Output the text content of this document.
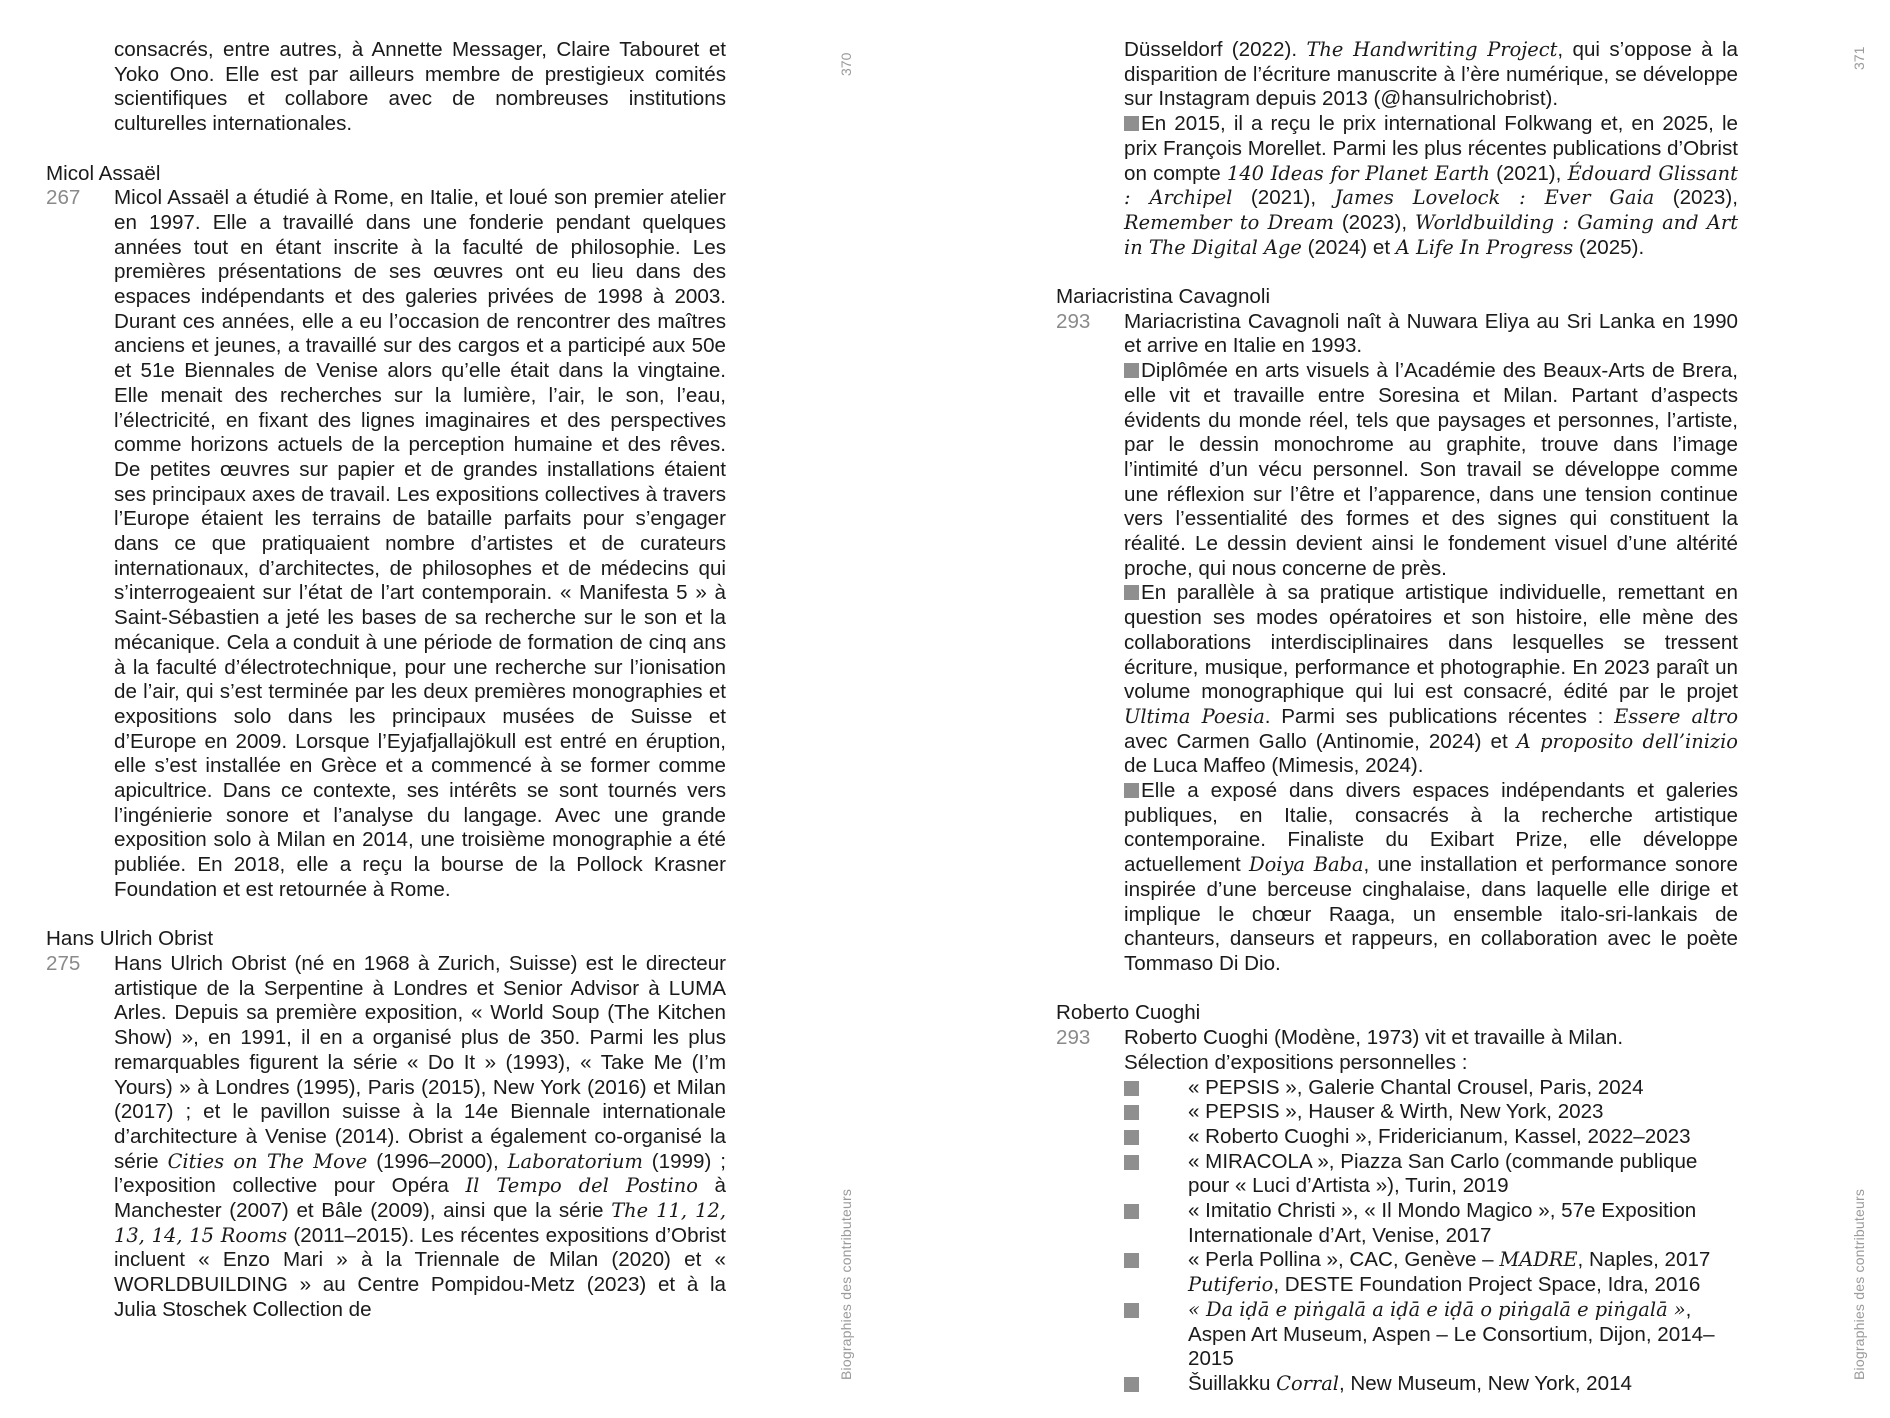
consacrés, entre autres, à Annette Messager, Claire Tabouret et Yoko Ono. Elle est par ailleurs membre de prestigieux comités scientifiques et collabore avec de nombreuses institutions culturelles internationales.

Micol Assaël

267 Micol Assaël a étudié à Rome, en Italie, et loué son premier atelier en 1997. Elle a travaillé dans une fonderie pendant quelques années tout en étant inscrite à la faculté de philosophie. Les premières présentations de ses œuvres ont eu lieu dans des espaces indépendants et des galeries privées de 1998 à 2003. Durant ces années, elle a eu l’occasion de rencontrer des maîtres anciens et jeunes, a travaillé sur des cargos et a participé aux 50e et 51e Biennales de Venise alors qu’elle était dans la vingtaine. Elle menait des recherches sur la lumière, l’air, le son, l’eau, l’électricité, en fixant des lignes imaginaires et des perspectives comme horizons actuels de la perception humaine et des rêves. De petites œuvres sur papier et de grandes installations étaient ses principaux axes de travail. Les expositions collectives à travers l’Europe étaient les terrains de bataille parfaits pour s’engager dans ce que pratiquaient nombre d’artistes et de curateurs internationaux, d’architectes, de philosophes et de médecins qui s’interrogeaient sur l’état de l’art contemporain. « Manifesta 5 » à Saint-Sébastien a jeté les bases de sa recherche sur le son et la mécanique. Cela a conduit à une période de formation de cinq ans à la faculté d’électrotechnique, pour une recherche sur l’ionisation de l’air, qui s’est terminée par les deux premières monographies et expositions solo dans les principaux musées de Suisse et d’Europe en 2009. Lorsque l’Eyjafjallajökull est entré en éruption, elle s’est installée en Grèce et a commencé à se former comme apicultrice. Dans ce contexte, ses intérêts se sont tournés vers l’ingénierie sonore et l’analyse du langage. Avec une grande exposition solo à Milan en 2014, une troisième monographie a été publiée. En 2018, elle a reçu la bourse de la Pollock Krasner Foundation et est retournée à Rome.

Hans Ulrich Obrist

275 Hans Ulrich Obrist (né en 1968 à Zurich, Suisse) est le directeur artistique de la Serpentine à Londres et Senior Advisor à LUMA Arles. Depuis sa première exposition, « World Soup (The Kitchen Show) », en 1991, il en a organisé plus de 350. Parmi les plus remarquables figurent la série « Do It » (1993), « Take Me (I’m Yours) » à Londres (1995), Paris (2015), New York (2016) et Milan (2017) ; et le pavillon suisse à la 14e Biennale internationale d’architecture à Venise (2014). Obrist a également co-organisé la série Cities on The Move (1996–2000), Laboratorium (1999) ; l’exposition collective pour Opéra Il Tempo del Postino à Manchester (2007) et Bâle (2009), ainsi que la série The 11, 12, 13, 14, 15 Rooms (2011–2015). Les récentes expositions d’Obrist incluent « Enzo Mari » à la Triennale de Milan (2020) et « WORLDBUILDING » au Centre Pompidou-Metz (2023) et à la Julia Stoschek Collection de

370
Biographies des contributeurs

Düsseldorf (2022). The Handwriting Project, qui s’oppose à la disparition de l’écriture manuscrite à l’ère numérique, se développe sur Instagram depuis 2013 (@hansulrichobrist).
En 2015, il a reçu le prix international Folkwang et, en 2025, le prix François Morellet. Parmi les plus récentes publications d’Obrist on compte 140 Ideas for Planet Earth (2021), Édouard Glissant : Archipel (2021), James Lovelock : Ever Gaia (2023), Remember to Dream (2023), Worldbuilding : Gaming and Art in The Digital Age (2024) et A Life In Progress (2025).

Mariacristina Cavagnoli

293 Mariacristina Cavagnoli naît à Nuwara Eliya au Sri Lanka en 1990 et arrive en Italie en 1993.
Diplômée en arts visuels à l’Académie des Beaux-Arts de Brera, elle vit et travaille entre Soresina et Milan. Partant d’aspects évidents du monde réel, tels que paysages et personnes, l’artiste, par le dessin monochrome au graphite, trouve dans l’image l’intimité d’un vécu personnel. Son travail se développe comme une réflexion sur l’être et l’apparence, dans une tension continue vers l’essentialité des formes et des signes qui constituent la réalité. Le dessin devient ainsi le fondement visuel d’une altérité proche, qui nous concerne de près.
En parallèle à sa pratique artistique individuelle, remettant en question ses modes opératoires et son histoire, elle mène des collaborations interdisciplinaires dans lesquelles se tressent écriture, musique, performance et photographie. En 2023 paraît un volume monographique qui lui est consacré, édité par le projet Ultima Poesia. Parmi ses publications récentes : Essere altro avec Carmen Gallo (Antinomie, 2024) et A proposito dell’inizio de Luca Maffeo (Mimesis, 2024).
Elle a exposé dans divers espaces indépendants et galeries publiques, en Italie, consacrés à la recherche artistique contemporaine. Finaliste du Exibart Prize, elle développe actuellement Doiya Baba, une installation et performance sonore inspirée d’une berceuse cinghalaise, dans laquelle elle dirige et implique le chœur Raaga, un ensemble italo-sri-lankais de chanteurs, danseurs et rappeurs, en collaboration avec le poète Tommaso Di Dio.

Roberto Cuoghi

293 Roberto Cuoghi (Modène, 1973) vit et travaille à Milan.
Sélection d’expositions personnelles :

« PEPSIS », Galerie Chantal Crousel, Paris, 2024
« PEPSIS », Hauser & Wirth, New York, 2023
« Roberto Cuoghi », Fridericianum, Kassel, 2022–2023
« MIRACOLA », Piazza San Carlo (commande publique pour « Luci d’Artista »), Turin, 2019
« Imitatio Christi », « Il Mondo Magico », 57e Exposition Internationale d’Art, Venise, 2017
« Perla Pollina », CAC, Genève – MADRE, Naples, 2017
Putiferio, DESTE Foundation Project Space, Idra, 2016
« Da iḍā e piṅgalā a iḍā e iḍā o piṅgalā e piṅgalā », Aspen Art Museum, Aspen – Le Consortium, Dijon, 2014–2015
Šuillakku Corral, New Museum, New York, 2014
371
Biographies des contributeurs
